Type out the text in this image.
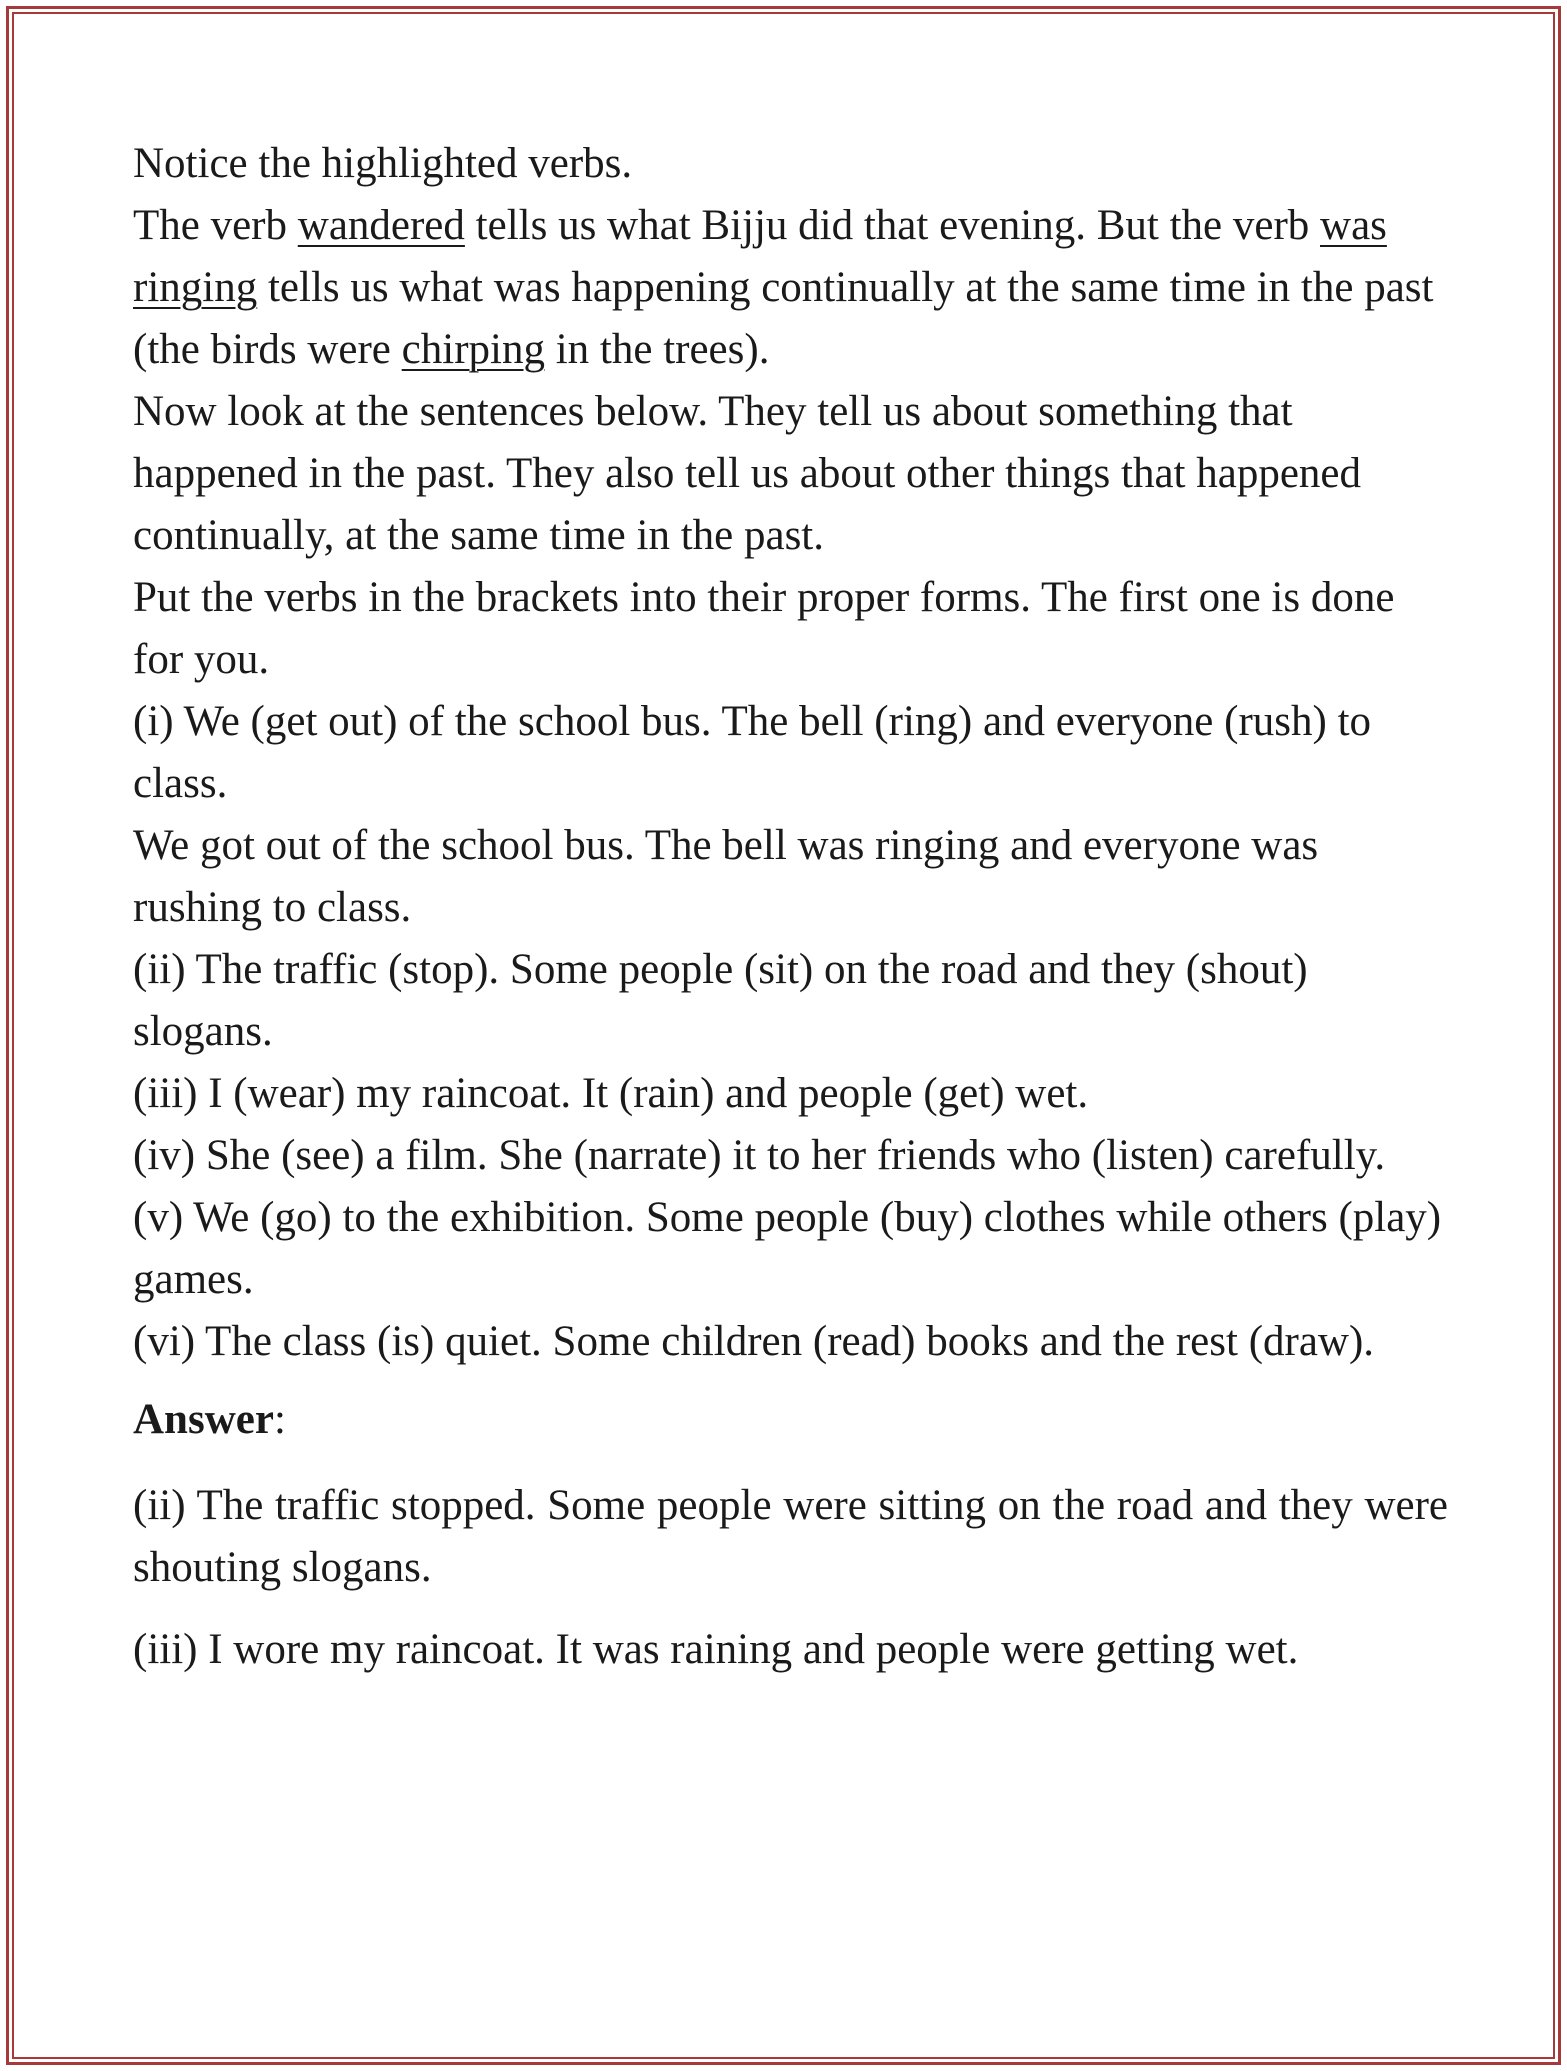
Notice the highlighted verbs.

The verb wandered tells us what Bijju did that evening. But the verb was ringing tells us what was happening continually at the same time in the past (the birds were chirping in the trees).

Now look at the sentences below. They tell us about something that happened in the past. They also tell us about other things that happened continually, at the same time in the past.

Put the verbs in the brackets into their proper forms. The first one is done for you.

(i) We (get out) of the school bus. The bell (ring) and everyone (rush) to class.

We got out of the school bus. The bell was ringing and everyone was rushing to class.

(ii) The traffic (stop). Some people (sit) on the road and they (shout) slogans.

(iii) I (wear) my raincoat. It (rain) and people (get) wet.

(iv) She (see) a film. She (narrate) it to her friends who (listen) carefully.

(v) We (go) to the exhibition. Some people (buy) clothes while others (play) games.

(vi) The class (is) quiet. Some children (read) books and the rest (draw).

Answer:

(ii) The traffic stopped. Some people were sitting on the road and they were shouting slogans.

(iii) I wore my raincoat. It was raining and people were getting wet.
